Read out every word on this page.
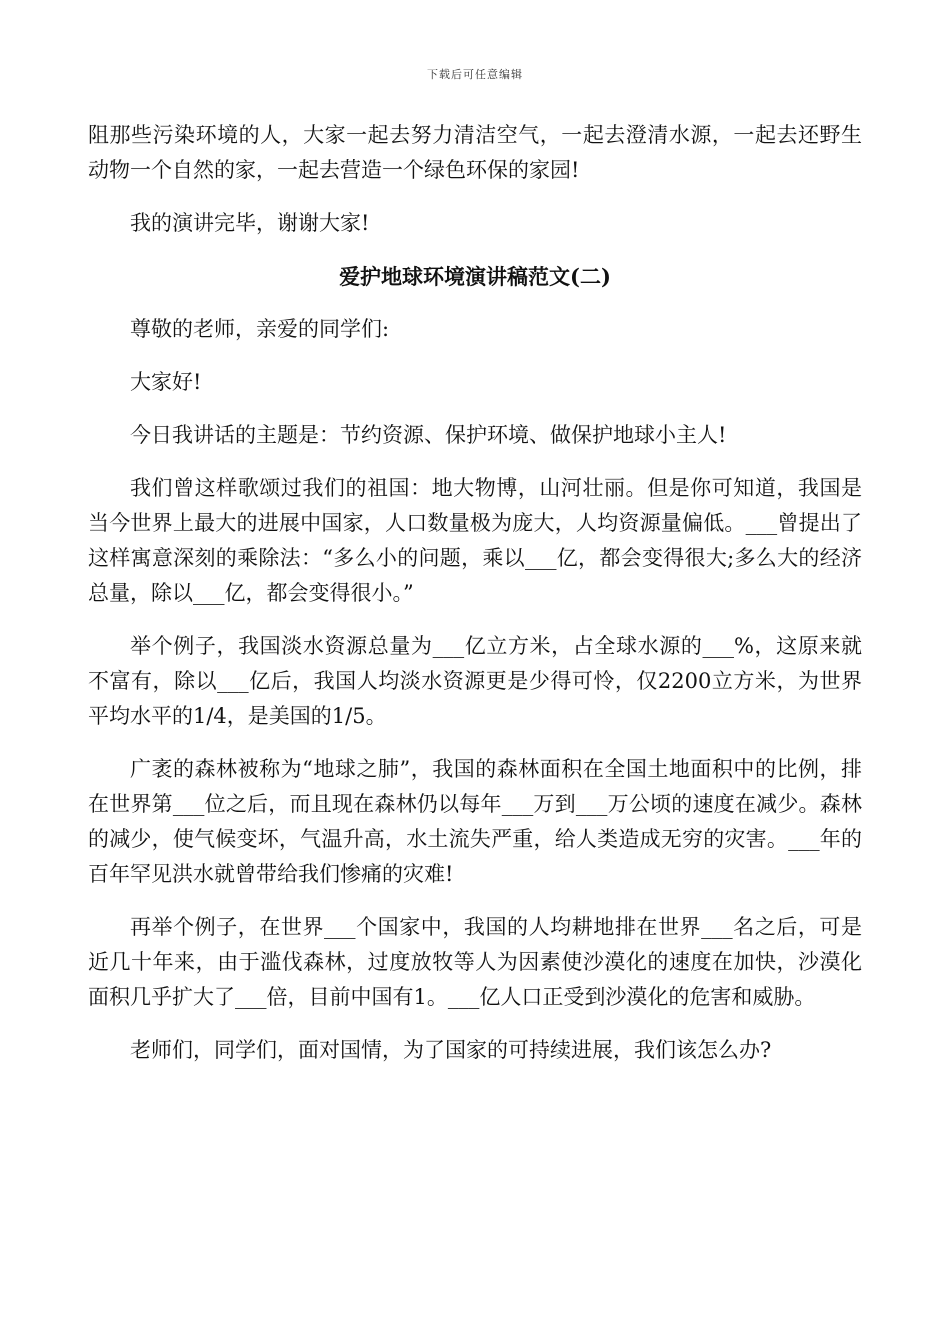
下载后可任意编辑

阻那些污染环境的人，大家一起去努力清洁空气，一起去澄清水源，一起去还野生动物一个自然的家，一起去营造一个绿色环保的家园!

我的演讲完毕，谢谢大家!

爱护地球环境演讲稿范文(二)

尊敬的老师，亲爱的同学们:

大家好!

今日我讲话的主题是：节约资源、保护环境、做保护地球小主人!

我们曾这样歌颂过我们的祖国：地大物博，山河壮丽。但是你可知道，我国是当今世界上最大的进展中国家，人口数量极为庞大，人均资源量偏低。___曾提出了这样寓意深刻的乘除法：“多么小的问题，乘以___亿，都会变得很大;多么大的经济总量，除以___亿，都会变得很小。”

举个例子，我国淡水资源总量为___亿立方米，占全球水源的___%，这原来就不富有，除以___亿后，我国人均淡水资源更是少得可怜，仅2200立方米，为世界平均水平的1/4，是美国的1/5。

广袤的森林被称为“地球之肺”，我国的森林面积在全国土地面积中的比例，排在世界第___位之后，而且现在森林仍以每年___万到___万公顷的速度在减少。森林的减少，使气候变坏，气温升高，水土流失严重，给人类造成无穷的灾害。___年的百年罕见洪水就曾带给我们惨痛的灾难!

再举个例子，在世界___个国家中，我国的人均耕地排在世界___名之后，可是近几十年来，由于滥伐森林，过度放牧等人为因素使沙漠化的速度在加快，沙漠化面积几乎扩大了___倍，目前中国有1。___亿人口正受到沙漠化的危害和威胁。

老师们，同学们，面对国情，为了国家的可持续进展，我们该怎么办?
